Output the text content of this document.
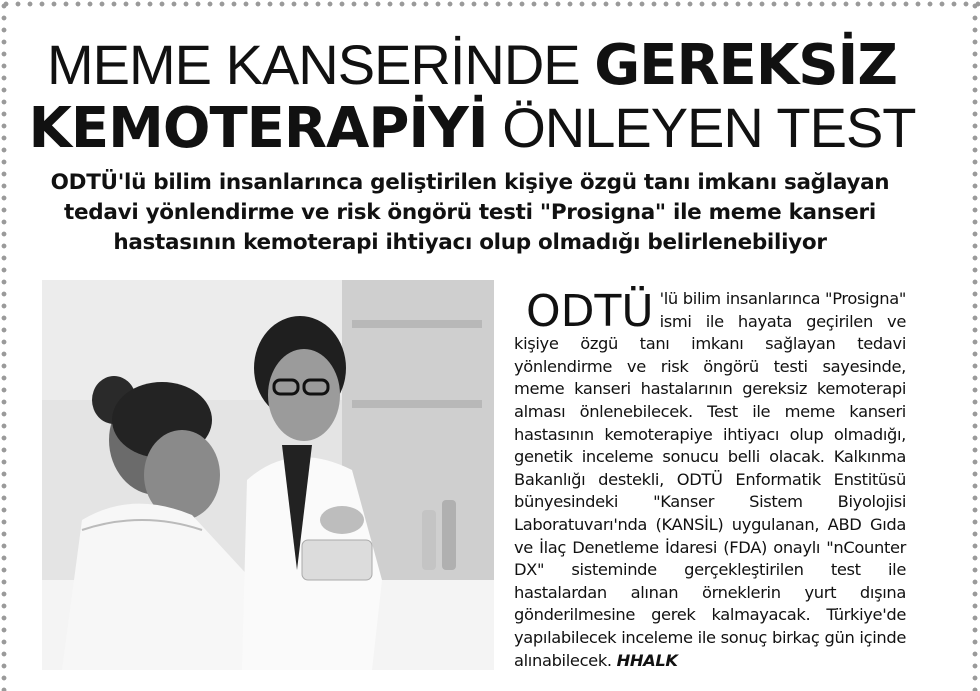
MEME KANSERİNDE GEREKSİZ
KEMOTERAPİYİ ÖNLEYEN TEST
ODTÜ'lü bilim insanlarınca geliştirilen kişiye özgü tanı imkanı sağlayan tedavi yönlendirme ve risk öngörü testi "Prosigna" ile meme kanseri hastasının kemoterapi ihtiyacı olup olmadığı belirlenebiliyor
ODTÜ 'lü bilim insanlarınca "Prosigna" ismi ile hayata geçirilen ve kişiye özgü tanı imkanı sağlayan tedavi yönlendirme ve risk öngörü testi sayesinde, meme kanseri hastalarının gereksiz kemoterapi alması önlenebilecek. Test ile meme kanseri hastasının kemoterapiye ihtiyacı olup olmadığı, genetik inceleme sonucu belli olacak. Kalkınma Bakanlığı destekli, ODTÜ Enformatik Enstitüsü bünyesindeki "Kanser Sistem Biyolojisi Laboratuvarı'nda (KANSİL) uygulanan, ABD Gıda ve İlaç Denetleme İdaresi (FDA) onaylı "nCounter DX" sisteminde gerçekleştirilen test ile hastalardan alınan örneklerin yurt dışına gönderilmesine gerek kalmayacak. Türkiye'de yapılabilecek inceleme ile sonuç birkaç gün içinde alınabilecek. HHALK
